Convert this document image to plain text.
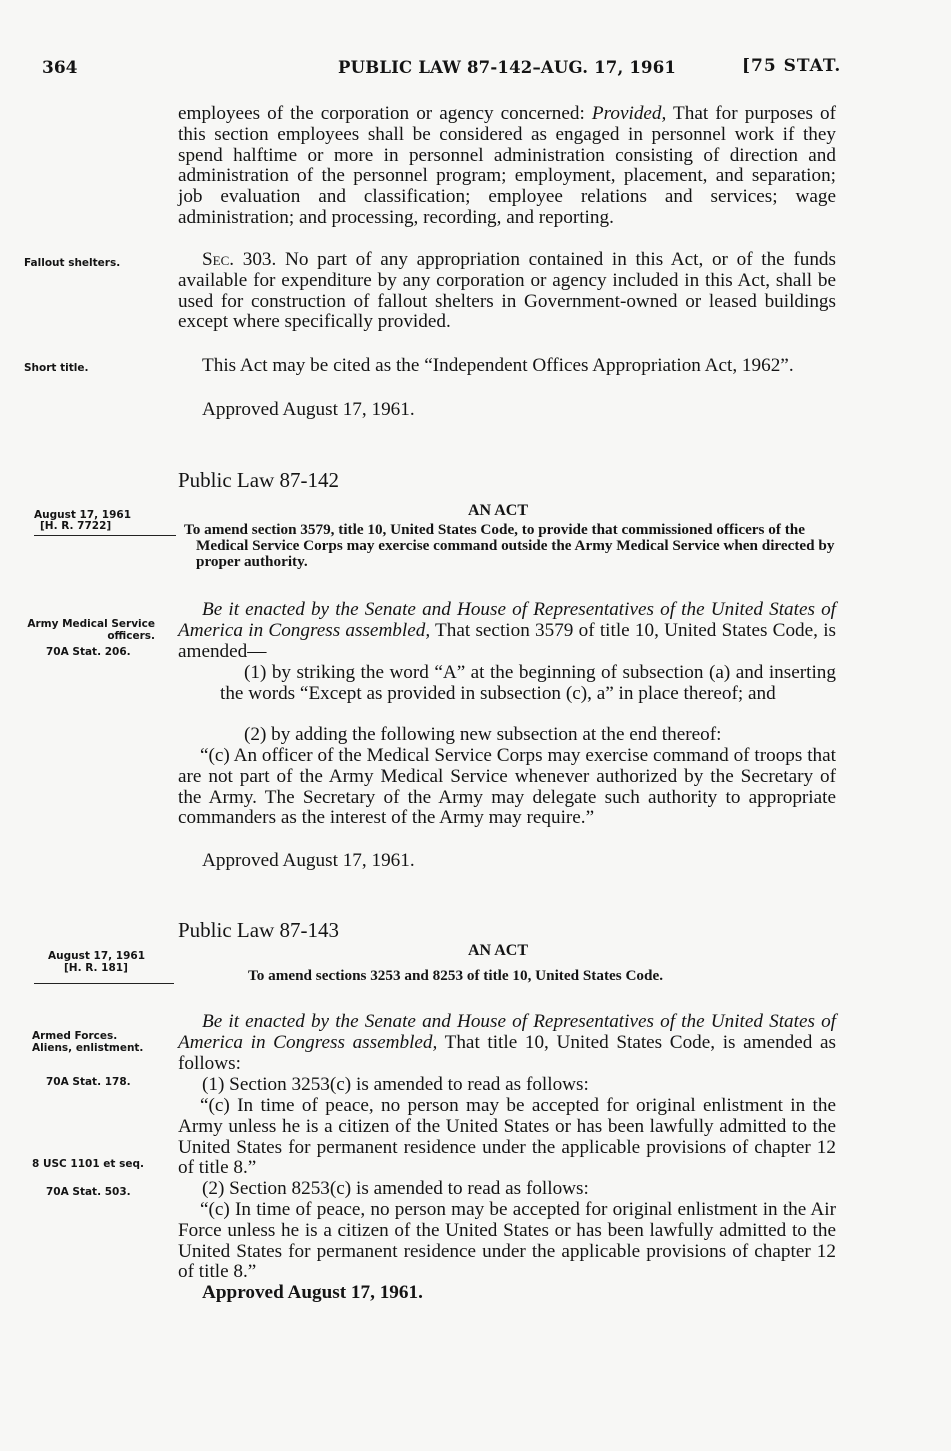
364	PUBLIC LAW 87-142–AUG. 17, 1961	[75 STAT.

employees of the corporation or agency concerned: Provided, That for purposes of this section employees shall be considered as engaged in personnel work if they spend halftime or more in personnel administration consisting of direction and administration of the personnel program; employment, placement, and separation; job evaluation and classification; employee relations and services; wage administration; and processing, recording, and reporting.

Fallout shelters.	Sec. 303. No part of any appropriation contained in this Act, or of the funds available for expenditure by any corporation or agency included in this Act, shall be used for construction of fallout shelters in Government-owned or leased buildings except where specifically provided.

Short title.	This Act may be cited as the “Independent Offices Appropriation Act, 1962”.

Approved August 17, 1961.
Public Law 87-142
August 17, 1961
[H. R. 7722]
AN ACT

To amend section 3579, title 10, United States Code, to provide that commissioned officers of the Medical Service Corps may exercise command outside the Army Medical Service when directed by proper authority.

Army Medical Service officers.
70A Stat. 206.

Be it enacted by the Senate and House of Representatives of the United States of America in Congress assembled, That section 3579 of title 10, United States Code, is amended—

(1) by striking the word “A” at the beginning of subsection (a) and inserting the words “Except as provided in subsection (c), a” in place thereof; and

(2) by adding the following new subsection at the end thereof:

“(c) An officer of the Medical Service Corps may exercise command of troops that are not part of the Army Medical Service whenever authorized by the Secretary of the Army. The Secretary of the Army may delegate such authority to appropriate commanders as the interest of the Army may require.”

Approved August 17, 1961.
Public Law 87-143
August 17, 1961
[H. R. 181]
AN ACT
To amend sections 3253 and 8253 of title 10, United States Code.
Armed Forces. Aliens, enlistment.
70A Stat. 178.
8 USC 1101 et seq.
70A Stat. 503.

Be it enacted by the Senate and House of Representatives of the United States of America in Congress assembled, That title 10, United States Code, is amended as follows:

(1) Section 3253(c) is amended to read as follows:

“(c) In time of peace, no person may be accepted for original enlistment in the Army unless he is a citizen of the United States or has been lawfully admitted to the United States for permanent residence under the applicable provisions of chapter 12 of title 8.”

(2) Section 8253(c) is amended to read as follows:

“(c) In time of peace, no person may be accepted for original enlistment in the Air Force unless he is a citizen of the United States or has been lawfully admitted to the United States for permanent residence under the applicable provisions of chapter 12 of title 8.”

Approved August 17, 1961.
